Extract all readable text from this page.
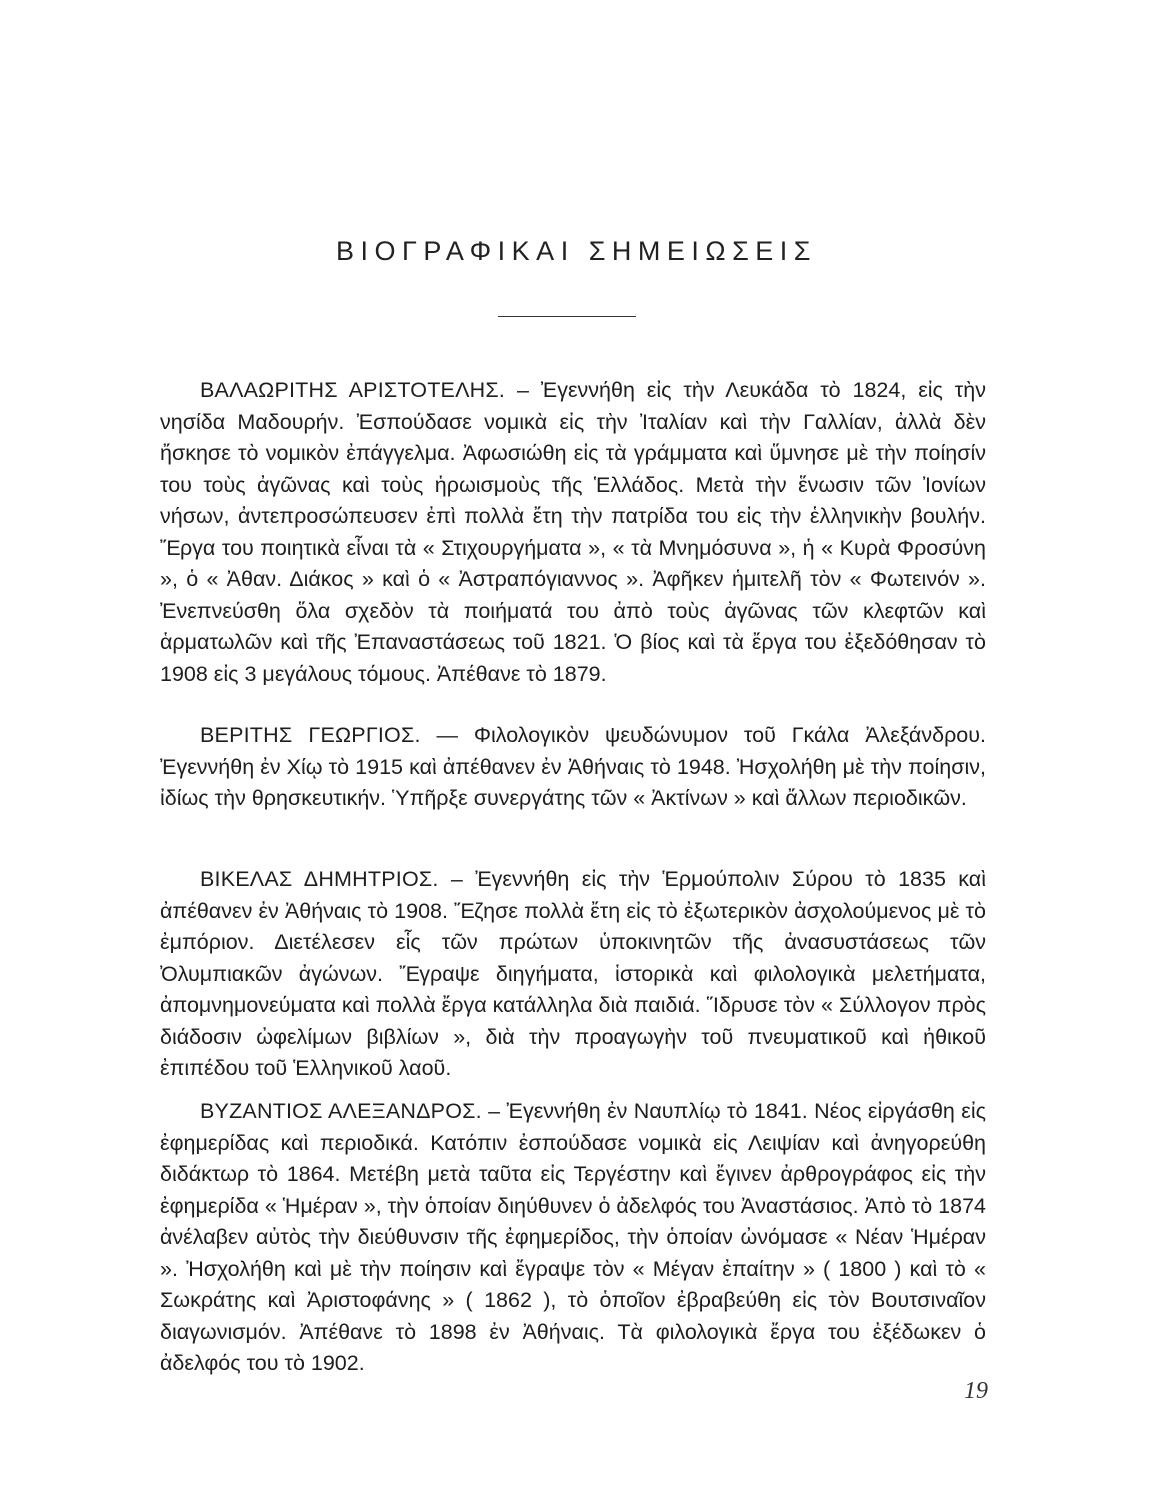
ΒΙΟΓΡΑΦΙΚΑΙ ΣΗΜΕΙΩΣΕΙΣ

ΒΑΛΑΩΡΙΤΗΣ ΑΡΙΣΤΟΤΕΛΗΣ. – Ἐγεννήθη εἰς τὴν Λευκάδα τὸ 1824, εἰς τὴν νησίδα Μαδουρήν. Ἐσπούδασε νομικὰ εἰς τὴν Ἰταλίαν καὶ τὴν Γαλλίαν, ἀλλὰ δὲν ἤσκησε τὸ νομικὸν ἐπάγγελμα. Ἀφωσιώθη εἰς τὰ γράμματα καὶ ὕμνησε μὲ τὴν ποίησίν του τοὺς ἀγῶνας καὶ τοὺς ἡρωισμοὺς τῆς Ἑλλάδος. Μετὰ τὴν ἕνωσιν τῶν Ἰονίων νήσων, ἀντεπροσώπευσεν ἐπὶ πολλὰ ἔτη τὴν πατρίδα του εἰς τὴν ἑλληνικὴν βουλήν. Ἔργα του ποιητικὰ εἶναι τὰ « Στιχουργήματα », « τὰ Μνημόσυνα », ἡ « Κυρὰ Φροσύνη », ὁ « Ἀθαν. Διάκος » καὶ ὁ « Ἀστραπόγιαννος ». Ἀφῆκεν ἡμιτελῆ τὸν « Φωτεινόν ». Ἐνεπνεύσθη ὅλα σχεδὸν τὰ ποιήματά του ἀπὸ τοὺς ἀγῶνας τῶν κλεφτῶν καὶ ἁρματωλῶν καὶ τῆς Ἐπαναστάσεως τοῦ 1821. Ὁ βίος καὶ τὰ ἔργα του ἐξεδόθησαν τὸ 1908 εἰς 3 μεγάλους τόμους. Ἀπέθανε τὸ 1879.

ΒΕΡΙΤΗΣ ΓΕΩΡΓΙΟΣ. — Φιλολογικὸν ψευδώνυμον τοῦ Γκάλα Ἀλεξάνδρου. Ἐγεννήθη ἐν Χίῳ τὸ 1915 καὶ ἀπέθανεν ἐν Ἀθήναις τὸ 1948. Ἠσχολήθη μὲ τὴν ποίησιν, ἰδίως τὴν θρησκευτικήν. Ὑπῆρξε συνεργάτης τῶν « Ἀκτίνων » καὶ ἄλλων περιοδικῶν.

ΒΙΚΕΛΑΣ ΔΗΜΗΤΡΙΟΣ. – Ἐγεννήθη εἰς τὴν Ἑρμούπολιν Σύρου τὸ 1835 καὶ ἀπέθανεν ἐν Ἀθήναις τὸ 1908. Ἔζησε πολλὰ ἔτη εἰς τὸ ἐξωτερικὸν ἀσχολούμενος μὲ τὸ ἐμπόριον. Διετέλεσεν εἷς τῶν πρώτων ὑποκινητῶν τῆς ἀνασυστάσεως τῶν Ὀλυμπιακῶν ἀγώνων. Ἔγραψε διηγήματα, ἱστορικὰ καὶ φιλολογικὰ μελετήματα, ἀπομνημονεύματα καὶ πολλὰ ἔργα κατάλληλα διὰ παιδιά. Ἵδρυσε τὸν « Σύλλογον πρὸς διάδοσιν ὠφελίμων βιβλίων », διὰ τὴν προαγωγὴν τοῦ πνευματικοῦ καὶ ἠθικοῦ ἐπιπέδου τοῦ Ἑλληνικοῦ λαοῦ.

ΒΥΖΑΝΤΙΟΣ ΑΛΕΞΑΝΔΡΟΣ. – Ἐγεννήθη ἐν Ναυπλίῳ τὸ 1841. Νέος εἰργάσθη εἰς ἐφημερίδας καὶ περιοδικά. Κατόπιν ἐσπούδασε νομικὰ εἰς Λειψίαν καὶ ἀνηγορεύθη διδάκτωρ τὸ 1864. Μετέβη μετὰ ταῦτα εἰς Τεργέστην καὶ ἔγινεν ἀρθρογράφος εἰς τὴν ἐφημερίδα « Ἡμέραν », τὴν ὁποίαν διηύθυνεν ὁ ἀδελφός του Ἀναστάσιος. Ἀπὸ τὸ 1874 ἀνέλαβεν αὐτὸς τὴν διεύθυνσιν τῆς ἐφημερίδος, τὴν ὁποίαν ὠνόμασε « Νέαν Ἡμέραν ». Ἠσχολήθη καὶ μὲ τὴν ποίησιν καὶ ἔγραψε τὸν « Μέγαν ἐπαίτην » ( 1800 ) καὶ τὸ « Σωκράτης καὶ Ἀριστοφάνης » ( 1862 ), τὸ ὁποῖον ἐβραβεύθη εἰς τὸν Βουτσιναῖον διαγωνισμόν. Ἀπέθανε τὸ 1898 ἐν Ἀθήναις. Τὰ φιλολογικὰ ἔργα του ἐξέδωκεν ὁ ἀδελφός του τὸ 1902.

19
